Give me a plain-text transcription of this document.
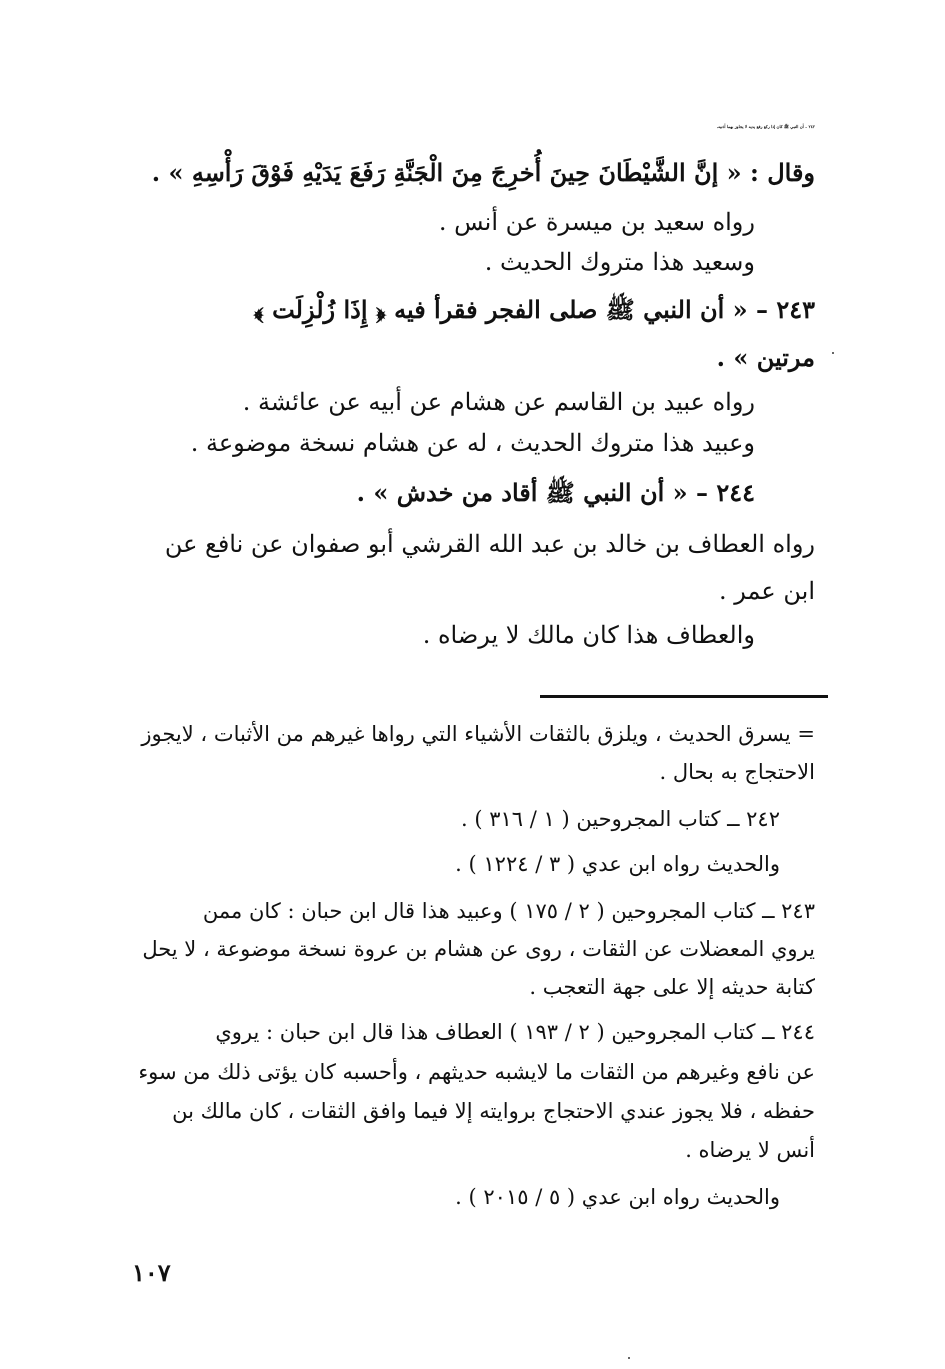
٢٤٢ – أن النبي ﷺ كان إذا ركع رفع يديه لا يجاوز بهما أذنيه،

وقال : « إنَّ الشَّيْطَانَ حِينَ أُخرِجَ مِنَ الْجَنَّةِ رَفَعَ يَدَيْهِ فَوْقَ رَأْسِهِ » .

رواه سعيد بن ميسرة عن أنس .

وسعيد هذا متروك الحديث .

٢٤٣ – « أن النبي ﷺ صلى الفجر فقرأ فيه ﴿ إِذَا زُلْزِلَت ﴾

مرتين » .

رواه عبيد بن القاسم عن هشام عن أبيه عن عائشة .

وعبيد هذا متروك الحديث ، له عن هشام نسخة موضوعة .

٢٤٤ – « أن النبي ﷺ أقاد من خدش » .

رواه العطاف بن خالد بن عبد الله القرشي أبو صفوان عن نافع عن

ابن عمر .

والعطاف هذا كان مالك لا يرضاه .

= يسرق الحديث ، ويلزق بالثقات الأشياء التي رواها غيرهم من الأثبات ، لايجوز

الاحتجاج به بحال .

٢٤٢ ــ كتاب المجروحين ( ١ / ٣١٦ ) .

والحديث رواه ابن عدي ( ٣ / ١٢٢٤ ) .

٢٤٣ ــ كتاب المجروحين ( ٢ / ١٧٥ ) وعبيد هذا قال ابن حبان : كان ممن

يروي المعضلات عن الثقات ، روى عن هشام بن عروة نسخة موضوعة ، لا يحل

كتابة حديثه إلا على جهة التعجب .

٢٤٤ ــ كتاب المجروحين ( ٢ / ١٩٣ ) العطاف هذا قال ابن حبان : يروي

عن نافع وغيرهم من الثقات ما لايشبه حديثهم ، وأحسبه كان يؤتى ذلك من سوء

حفظه ، فلا يجوز عندي الاحتجاج بروايته إلا فيما وافق الثقات ، كان مالك بن

أنس لا يرضاه .

والحديث رواه ابن عدي ( ٥ / ٢٠١٥ ) .

١٠٧
